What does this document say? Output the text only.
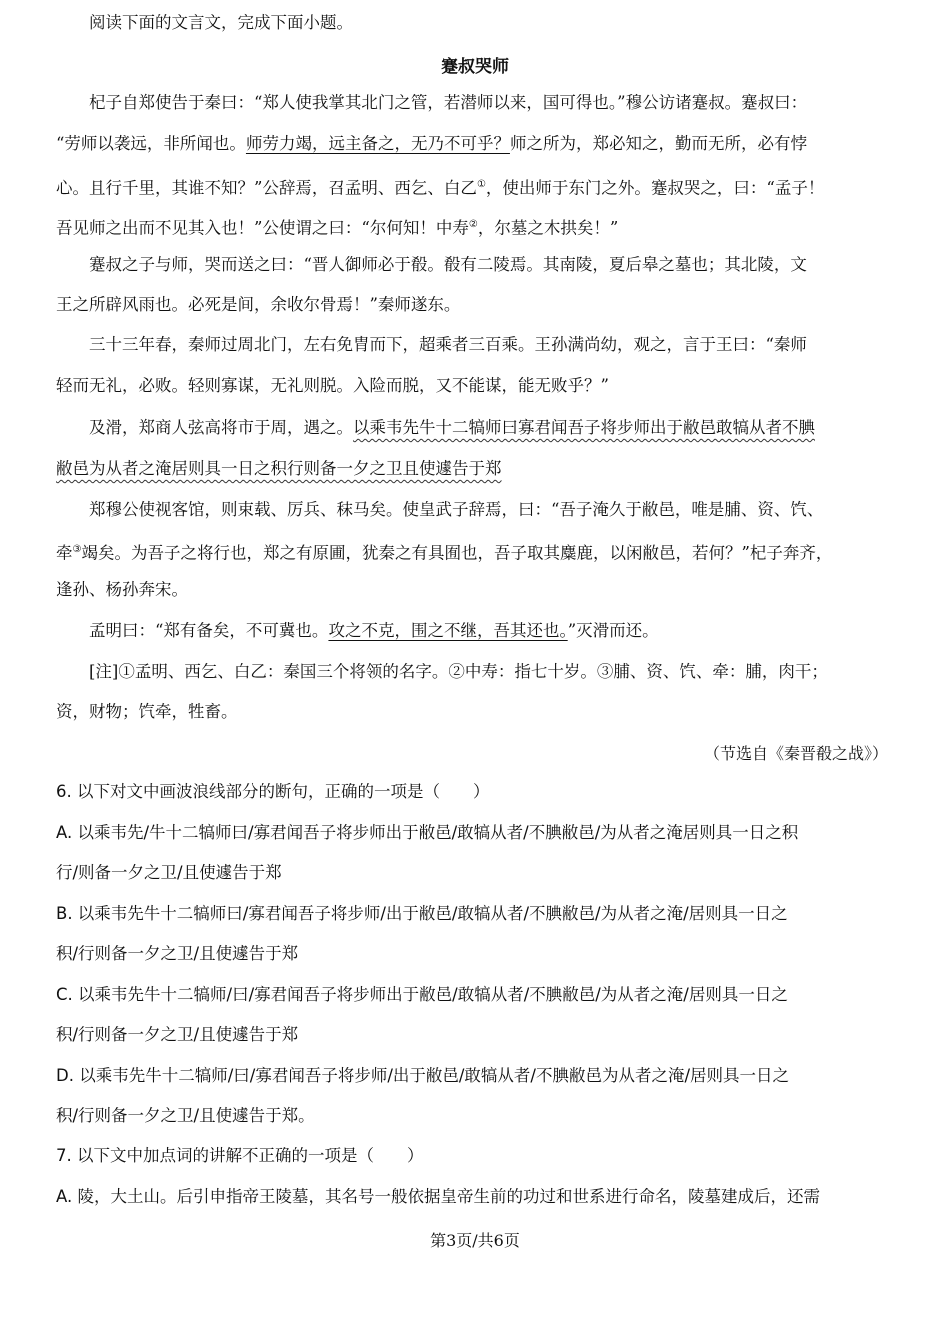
阅读下面的文言文，完成下面小题。
蹇叔哭师
杞子自郑使告于秦曰：“郑人使我掌其北门之管，若潜师以来，国可得也。”穆公访诸蹇叔。蹇叔曰：
“劳师以袭远，非所闻也。师劳力竭，远主备之，无乃不可乎？师之所为，郑必知之，勤而无所，必有悖
心。且行千里，其谁不知？”公辞焉，召孟明、西乞、白乙①，使出师于东门之外。蹇叔哭之，曰：“孟子！
吾见师之出而不见其入也！”公使谓之曰：“尔何知！中寿②，尔墓之木拱矣！”
蹇叔之子与师，哭而送之曰：“晋人御师必于殽。殽有二陵焉。其南陵，夏后皋之墓也；其北陵，文
王之所辟风雨也。必死是间，余收尔骨焉！”秦师遂东。
三十三年春，秦师过周北门，左右免胄而下，超乘者三百乘。王孙满尚幼，观之，言于王曰：“秦师
轻而无礼，必败。轻则寡谋，无礼则脱。入险而脱，又不能谋，能无败乎？”
及滑，郑商人弦高将市于周，遇之。以乘韦先牛十二犒师曰寡君闻吾子将步师出于敝邑敢犒从者不腆
敝邑为从者之淹居则具一日之积行则备一夕之卫且使遽告于郑
郑穆公使视客馆，则束载、厉兵、秣马矣。使皇武子辞焉，曰：“吾子淹久于敝邑，唯是脯、资、饩、
牵③竭矣。为吾子之将行也，郑之有原圃，犹秦之有具囿也，吾子取其麋鹿，以闲敝邑，若何？”杞子奔齐，
逢孙、杨孙奔宋。
孟明曰：“郑有备矣，不可冀也。攻之不克，围之不继，吾其还也。”灭滑而还。
[注]①孟明、西乞、白乙：秦国三个将领的名字。②中寿：指七十岁。③脯、资、饩、牵：脯，肉干；
资，财物；饩牵，牲畜。
（节选自《秦晋殽之战》）
6. 以下对文中画波浪线部分的断句，正确的一项是（　　）
A. 以乘韦先/牛十二犒师曰/寡君闻吾子将步师出于敝邑/敢犒从者/不腆敝邑/为从者之淹居则具一日之积
行/则备一夕之卫/且使遽告于郑
B. 以乘韦先牛十二犒师曰/寡君闻吾子将步师/出于敝邑/敢犒从者/不腆敝邑/为从者之淹/居则具一日之
积/行则备一夕之卫/且使遽告于郑
C. 以乘韦先牛十二犒师/曰/寡君闻吾子将步师出于敝邑/敢犒从者/不腆敝邑/为从者之淹/居则具一日之
积/行则备一夕之卫/且使遽告于郑
D. 以乘韦先牛十二犒师/曰/寡君闻吾子将步师/出于敝邑/敢犒从者/不腆敝邑为从者之淹/居则具一日之
积/行则备一夕之卫/且使遽告于郑。
7. 以下文中加点词的讲解不正确的一项是（　　）
A. 陵，大土山。后引申指帝王陵墓，其名号一般依据皇帝生前的功过和世系进行命名，陵墓建成后，还需
第3页/共6页
